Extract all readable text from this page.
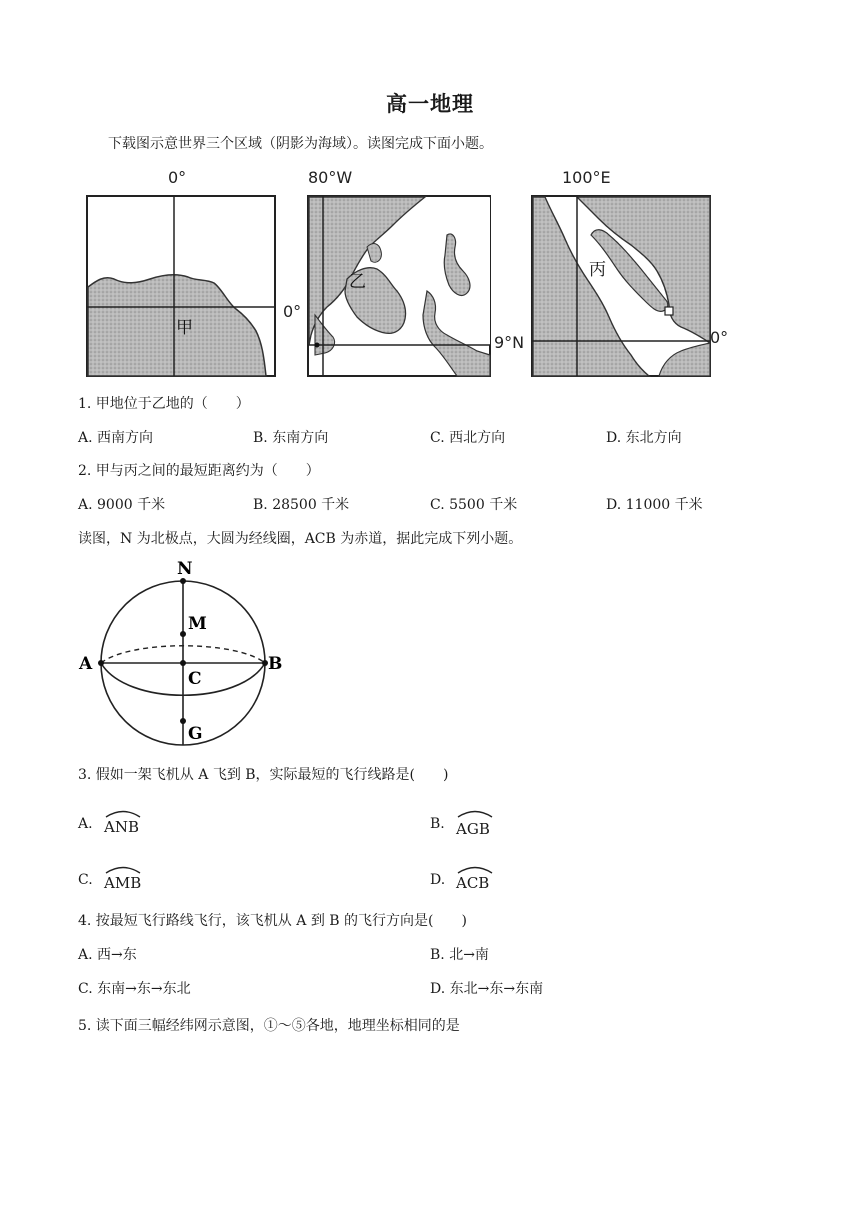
高一地理
下载图示意世界三个区域（阴影为海域）。读图完成下面小题。
0°
0°
80°W
9°N
100°E
0°
甲
乙
丙
1. 甲地位于乙地的（　　）
A. 西南方向	B. 东南方向	C. 西北方向	D. 东北方向
2. 甲与丙之间的最短距离约为（　　）
A. 9000 千米	B. 28500 千米	C. 5500 千米	D. 11000 千米
读图，N 为北极点，大圆为经线圈，ACB 为赤道，据此完成下列小题。
N
M
A	B
C
G
3. 假如一架飞机从 A 飞到 B，实际最短的飞行线路是(　　)
A. ANB	B. AGB
C. AMB	D. ACB
4. 按最短飞行路线飞行，该飞机从 A 到 B 的飞行方向是(　　)
A. 西→东	B. 北→南
C. 东南→东→东北	D. 东北→东→东南
5. 读下面三幅经纬网示意图，①～⑤各地，地理坐标相同的是
